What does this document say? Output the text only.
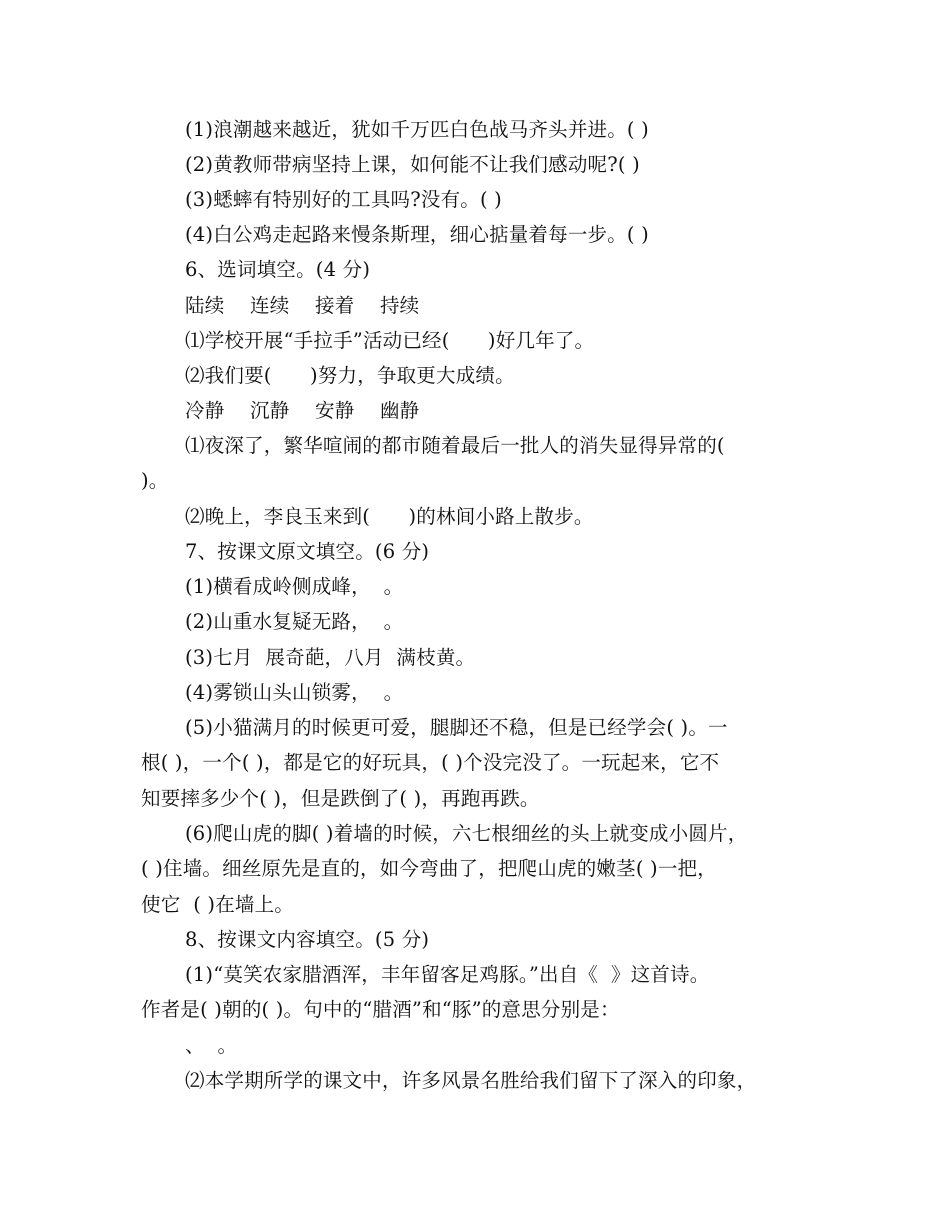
(1)浪潮越来越近，犹如千万匹白色战马齐头并进。( )
(2)黄教师带病坚持上课，如何能不让我们感动呢?( )
(3)蟋蟀有特别好的工具吗?没有。( )
(4)白公鸡走起路来慢条斯理，细心掂量着每一步。( )
6、选词填空。(4 分)
陆续    连续    接着    持续
⑴学校开展“手拉手”活动已经(      )好几年了。
⑵我们要(      )努力，争取更大成绩。
冷静    沉静    安静    幽静
⑴夜深了，繁华喧闹的都市随着最后一批人的消失显得异常的(
)。
⑵晚上，李良玉来到(      )的林间小路上散步。
7、按课文原文填空。(6 分)
(1)横看成岭侧成峰，  。
(2)山重水复疑无路，  。
(3)七月  展奇葩，八月  满枝黄。
(4)雾锁山头山锁雾，  。
(5)小猫满月的时候更可爱，腿脚还不稳，但是已经学会( )。一
根( )，一个( )，都是它的好玩具，( )个没完没了。一玩起来，它不
知要摔多少个( )，但是跌倒了( )，再跑再跌。
(6)爬山虎的脚( )着墙的时候，六七根细丝的头上就变成小圆片，
( )住墙。细丝原先是直的，如今弯曲了，把爬山虎的嫩茎( )一把，
使它  ( )在墙上。
8、按课文内容填空。(5 分)
(1)“莫笑农家腊酒浑，丰年留客足鸡豚。”出自《  》这首诗。
作者是( )朝的( )。句中的“腊酒”和“豚”的意思分别是：
、  。
⑵本学期所学的课文中，许多风景名胜给我们留下了深入的印象，
